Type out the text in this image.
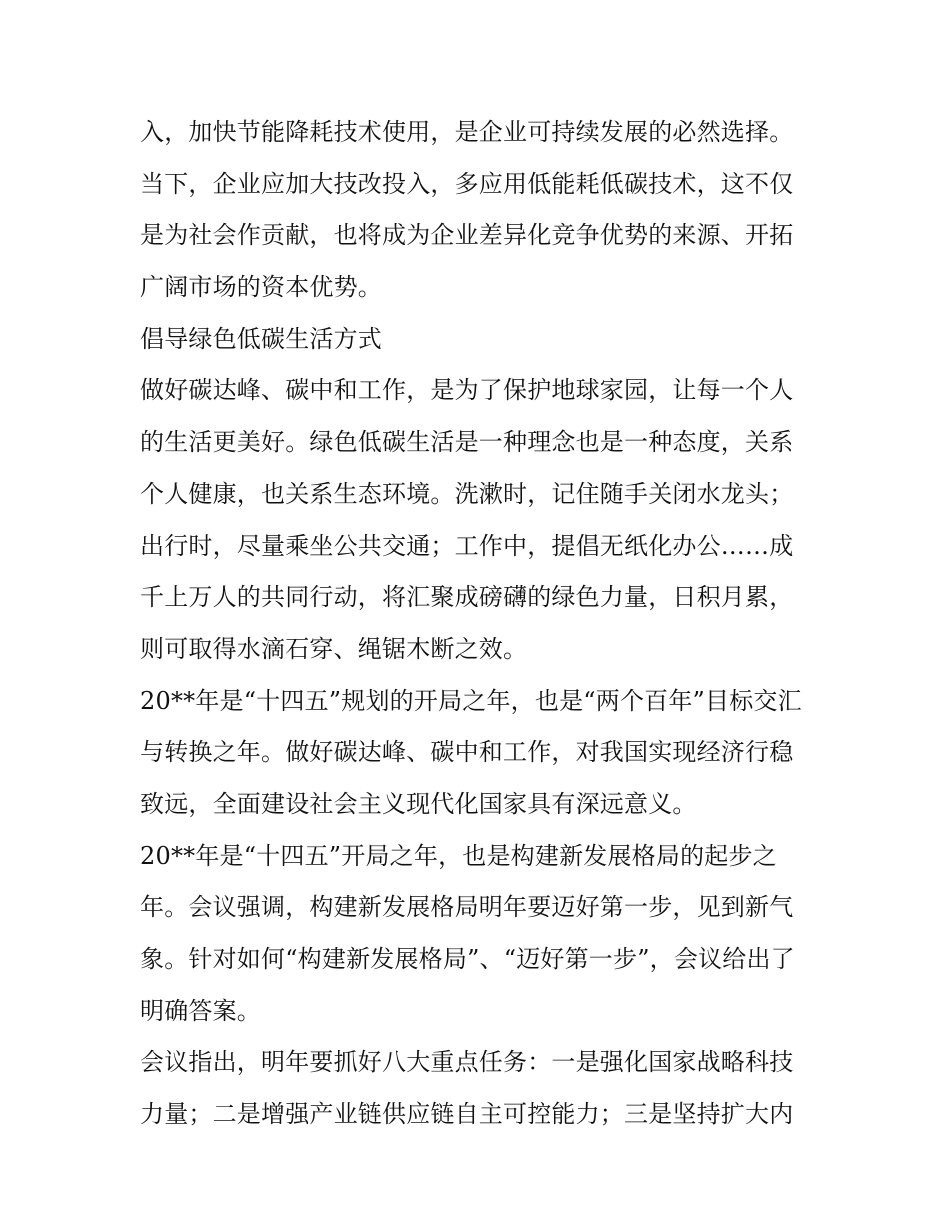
入，加快节能降耗技术使用，是企业可持续发展的必然选择。
当下，企业应加大技改投入，多应用低能耗低碳技术，这不仅
是为社会作贡献，也将成为企业差异化竞争优势的来源、开拓
广阔市场的资本优势。
倡导绿色低碳生活方式
做好碳达峰、碳中和工作，是为了保护地球家园，让每一个人
的生活更美好。绿色低碳生活是一种理念也是一种态度，关系
个人健康，也关系生态环境。洗漱时，记住随手关闭水龙头；
出行时，尽量乘坐公共交通；工作中，提倡无纸化办公……成
千上万人的共同行动，将汇聚成磅礴的绿色力量，日积月累，
则可取得水滴石穿、绳锯木断之效。
20**年是“十四五”规划的开局之年，也是“两个百年”目标交汇
与转换之年。做好碳达峰、碳中和工作，对我国实现经济行稳
致远，全面建设社会主义现代化国家具有深远意义。
20**年是“十四五”开局之年，也是构建新发展格局的起步之
年。会议强调，构建新发展格局明年要迈好第一步，见到新气
象。针对如何“构建新发展格局”、“迈好第一步”，会议给出了
明确答案。
会议指出，明年要抓好八大重点任务：一是强化国家战略科技
力量；二是增强产业链供应链自主可控能力；三是坚持扩大内
